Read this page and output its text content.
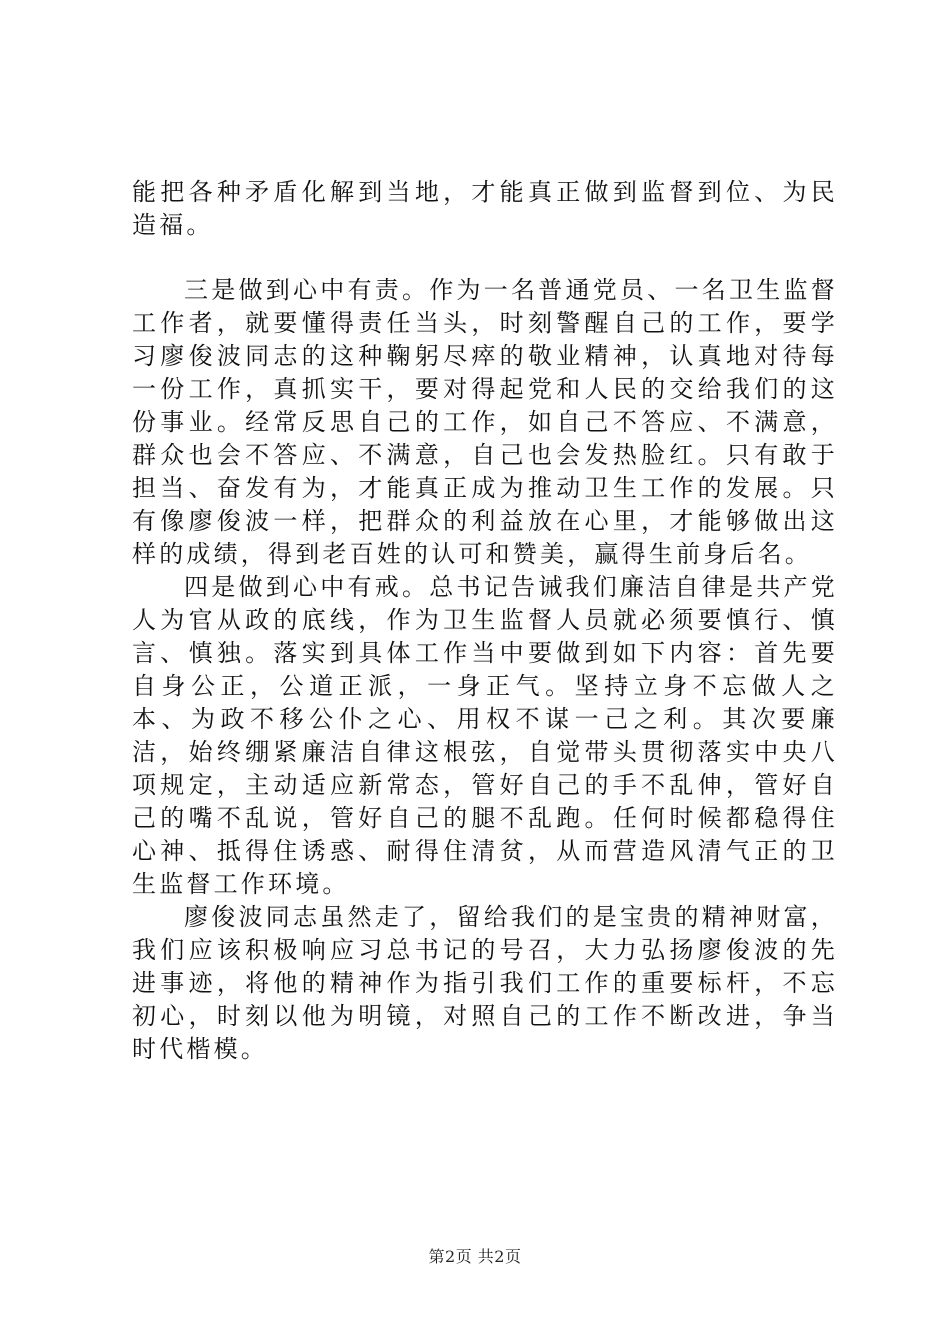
能把各种矛盾化解到当地，才能真正做到监督到位、为民造福。

三是做到心中有责。作为一名普通党员、一名卫生监督工作者，就要懂得责任当头，时刻警醒自己的工作，要学习廖俊波同志的这种鞠躬尽瘁的敬业精神，认真地对待每一份工作，真抓实干，要对得起党和人民的交给我们的这份事业。经常反思自己的工作，如自己不答应、不满意，群众也会不答应、不满意，自己也会发热脸红。只有敢于担当、奋发有为，才能真正成为推动卫生工作的发展。只有像廖俊波一样，把群众的利益放在心里，才能够做出这样的成绩，得到老百姓的认可和赞美，赢得生前身后名。

四是做到心中有戒。总书记告诫我们廉洁自律是共产党人为官从政的底线，作为卫生监督人员就必须要慎行、慎言、慎独。落实到具体工作当中要做到如下内容：首先要自身公正，公道正派，一身正气。坚持立身不忘做人之本、为政不移公仆之心、用权不谋一己之利。其次要廉洁，始终绷紧廉洁自律这根弦，自觉带头贯彻落实中央八项规定，主动适应新常态，管好自己的手不乱伸，管好自己的嘴不乱说，管好自己的腿不乱跑。任何时候都稳得住心神、抵得住诱惑、耐得住清贫，从而营造风清气正的卫生监督工作环境。

廖俊波同志虽然走了，留给我们的是宝贵的精神财富，我们应该积极响应习总书记的号召，大力弘扬廖俊波的先进事迹，将他的精神作为指引我们工作的重要标杆，不忘初心，时刻以他为明镜，对照自己的工作不断改进，争当时代楷模。

第2页 共2页
